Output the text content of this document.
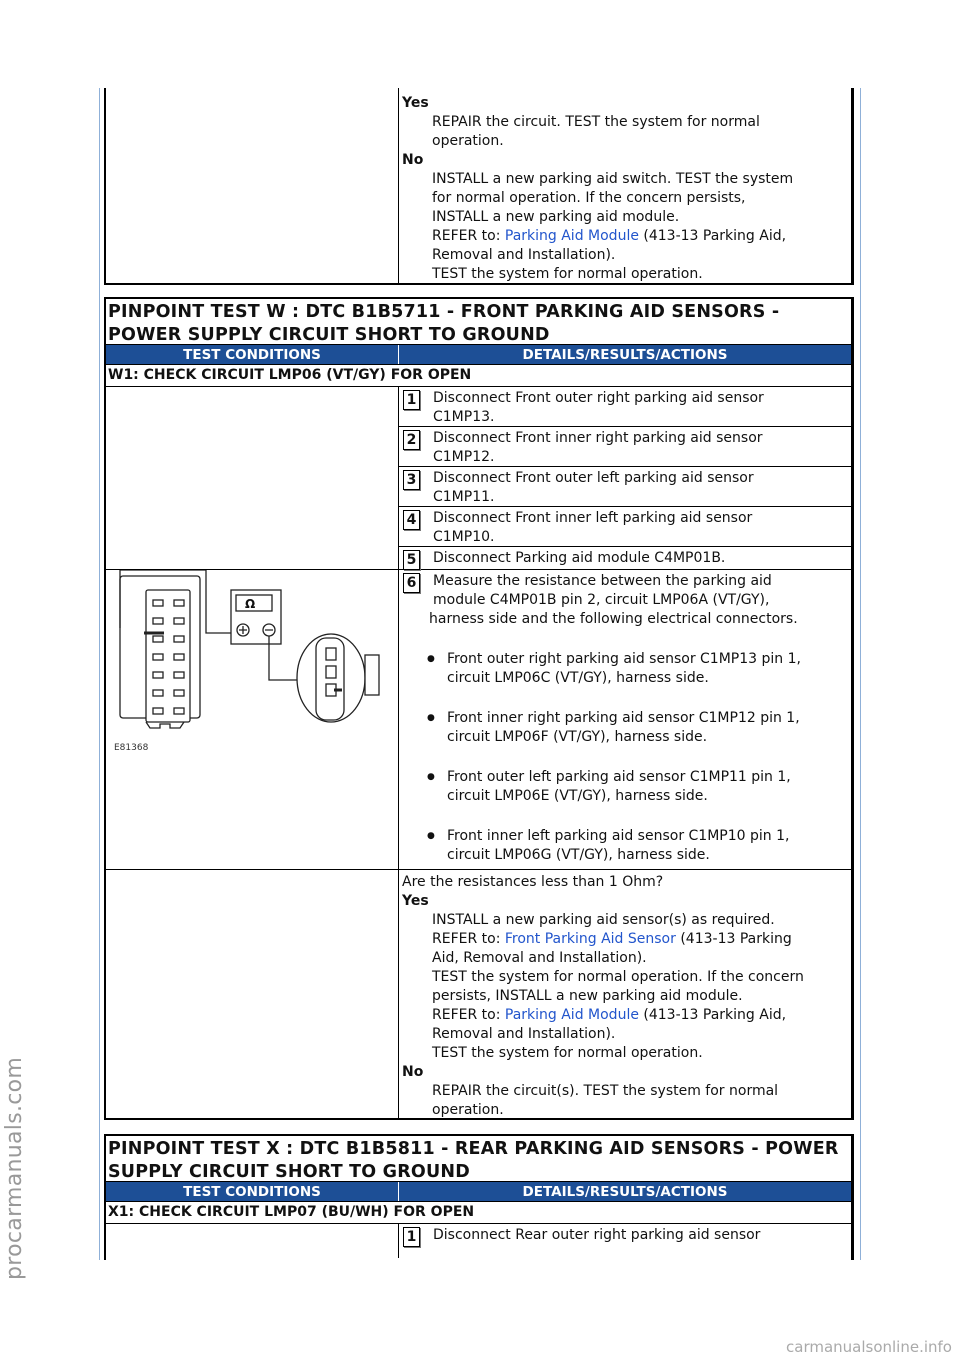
procarmanuals.com
carmanualsonline.info
Yes
REPAIR the circuit. TEST the system for normal
operation.
No
INSTALL a new parking aid switch. TEST the system
for normal operation. If the concern persists,
INSTALL a new parking aid module.
REFER to: Parking Aid Module (413-13 Parking Aid,
Removal and Installation).
TEST the system for normal operation.
PINPOINT TEST W : DTC B1B5711 - FRONT PARKING AID SENSORS -
POWER SUPPLY CIRCUIT SHORT TO GROUND
TEST CONDITIONS	DETAILS/RESULTS/ACTIONS
W1: CHECK CIRCUIT LMP06 (VT/GY) FOR OPEN
1 Disconnect Front outer right parking aid sensor
C1MP13.
2 Disconnect Front inner right parking aid sensor
C1MP12.
3 Disconnect Front outer left parking aid sensor
C1MP11.
4 Disconnect Front inner left parking aid sensor
C1MP10.
5 Disconnect Parking aid module C4MP01B.
E81368
Ω
6	Measure the resistance between the parking aid
module C4MP01B pin 2, circuit LMP06A (VT/GY),
harness side and the following electrical connectors.
● Front outer right parking aid sensor C1MP13 pin 1,
circuit LMP06C (VT/GY), harness side.
● Front inner right parking aid sensor C1MP12 pin 1,
circuit LMP06F (VT/GY), harness side.
● Front outer left parking aid sensor C1MP11 pin 1,
circuit LMP06E (VT/GY), harness side.
● Front inner left parking aid sensor C1MP10 pin 1,
circuit LMP06G (VT/GY), harness side.
Are the resistances less than 1 Ohm?
Yes
INSTALL a new parking aid sensor(s) as required.
REFER to: Front Parking Aid Sensor (413-13 Parking
Aid, Removal and Installation).
TEST the system for normal operation. If the concern
persists, INSTALL a new parking aid module.
REFER to: Parking Aid Module (413-13 Parking Aid,
Removal and Installation).
TEST the system for normal operation.
No
REPAIR the circuit(s). TEST the system for normal
operation.
PINPOINT TEST X : DTC B1B5811 - REAR PARKING AID SENSORS - POWER
SUPPLY CIRCUIT SHORT TO GROUND
TEST CONDITIONS	DETAILS/RESULTS/ACTIONS
X1: CHECK CIRCUIT LMP07 (BU/WH) FOR OPEN
1 Disconnect Rear outer right parking aid sensor
